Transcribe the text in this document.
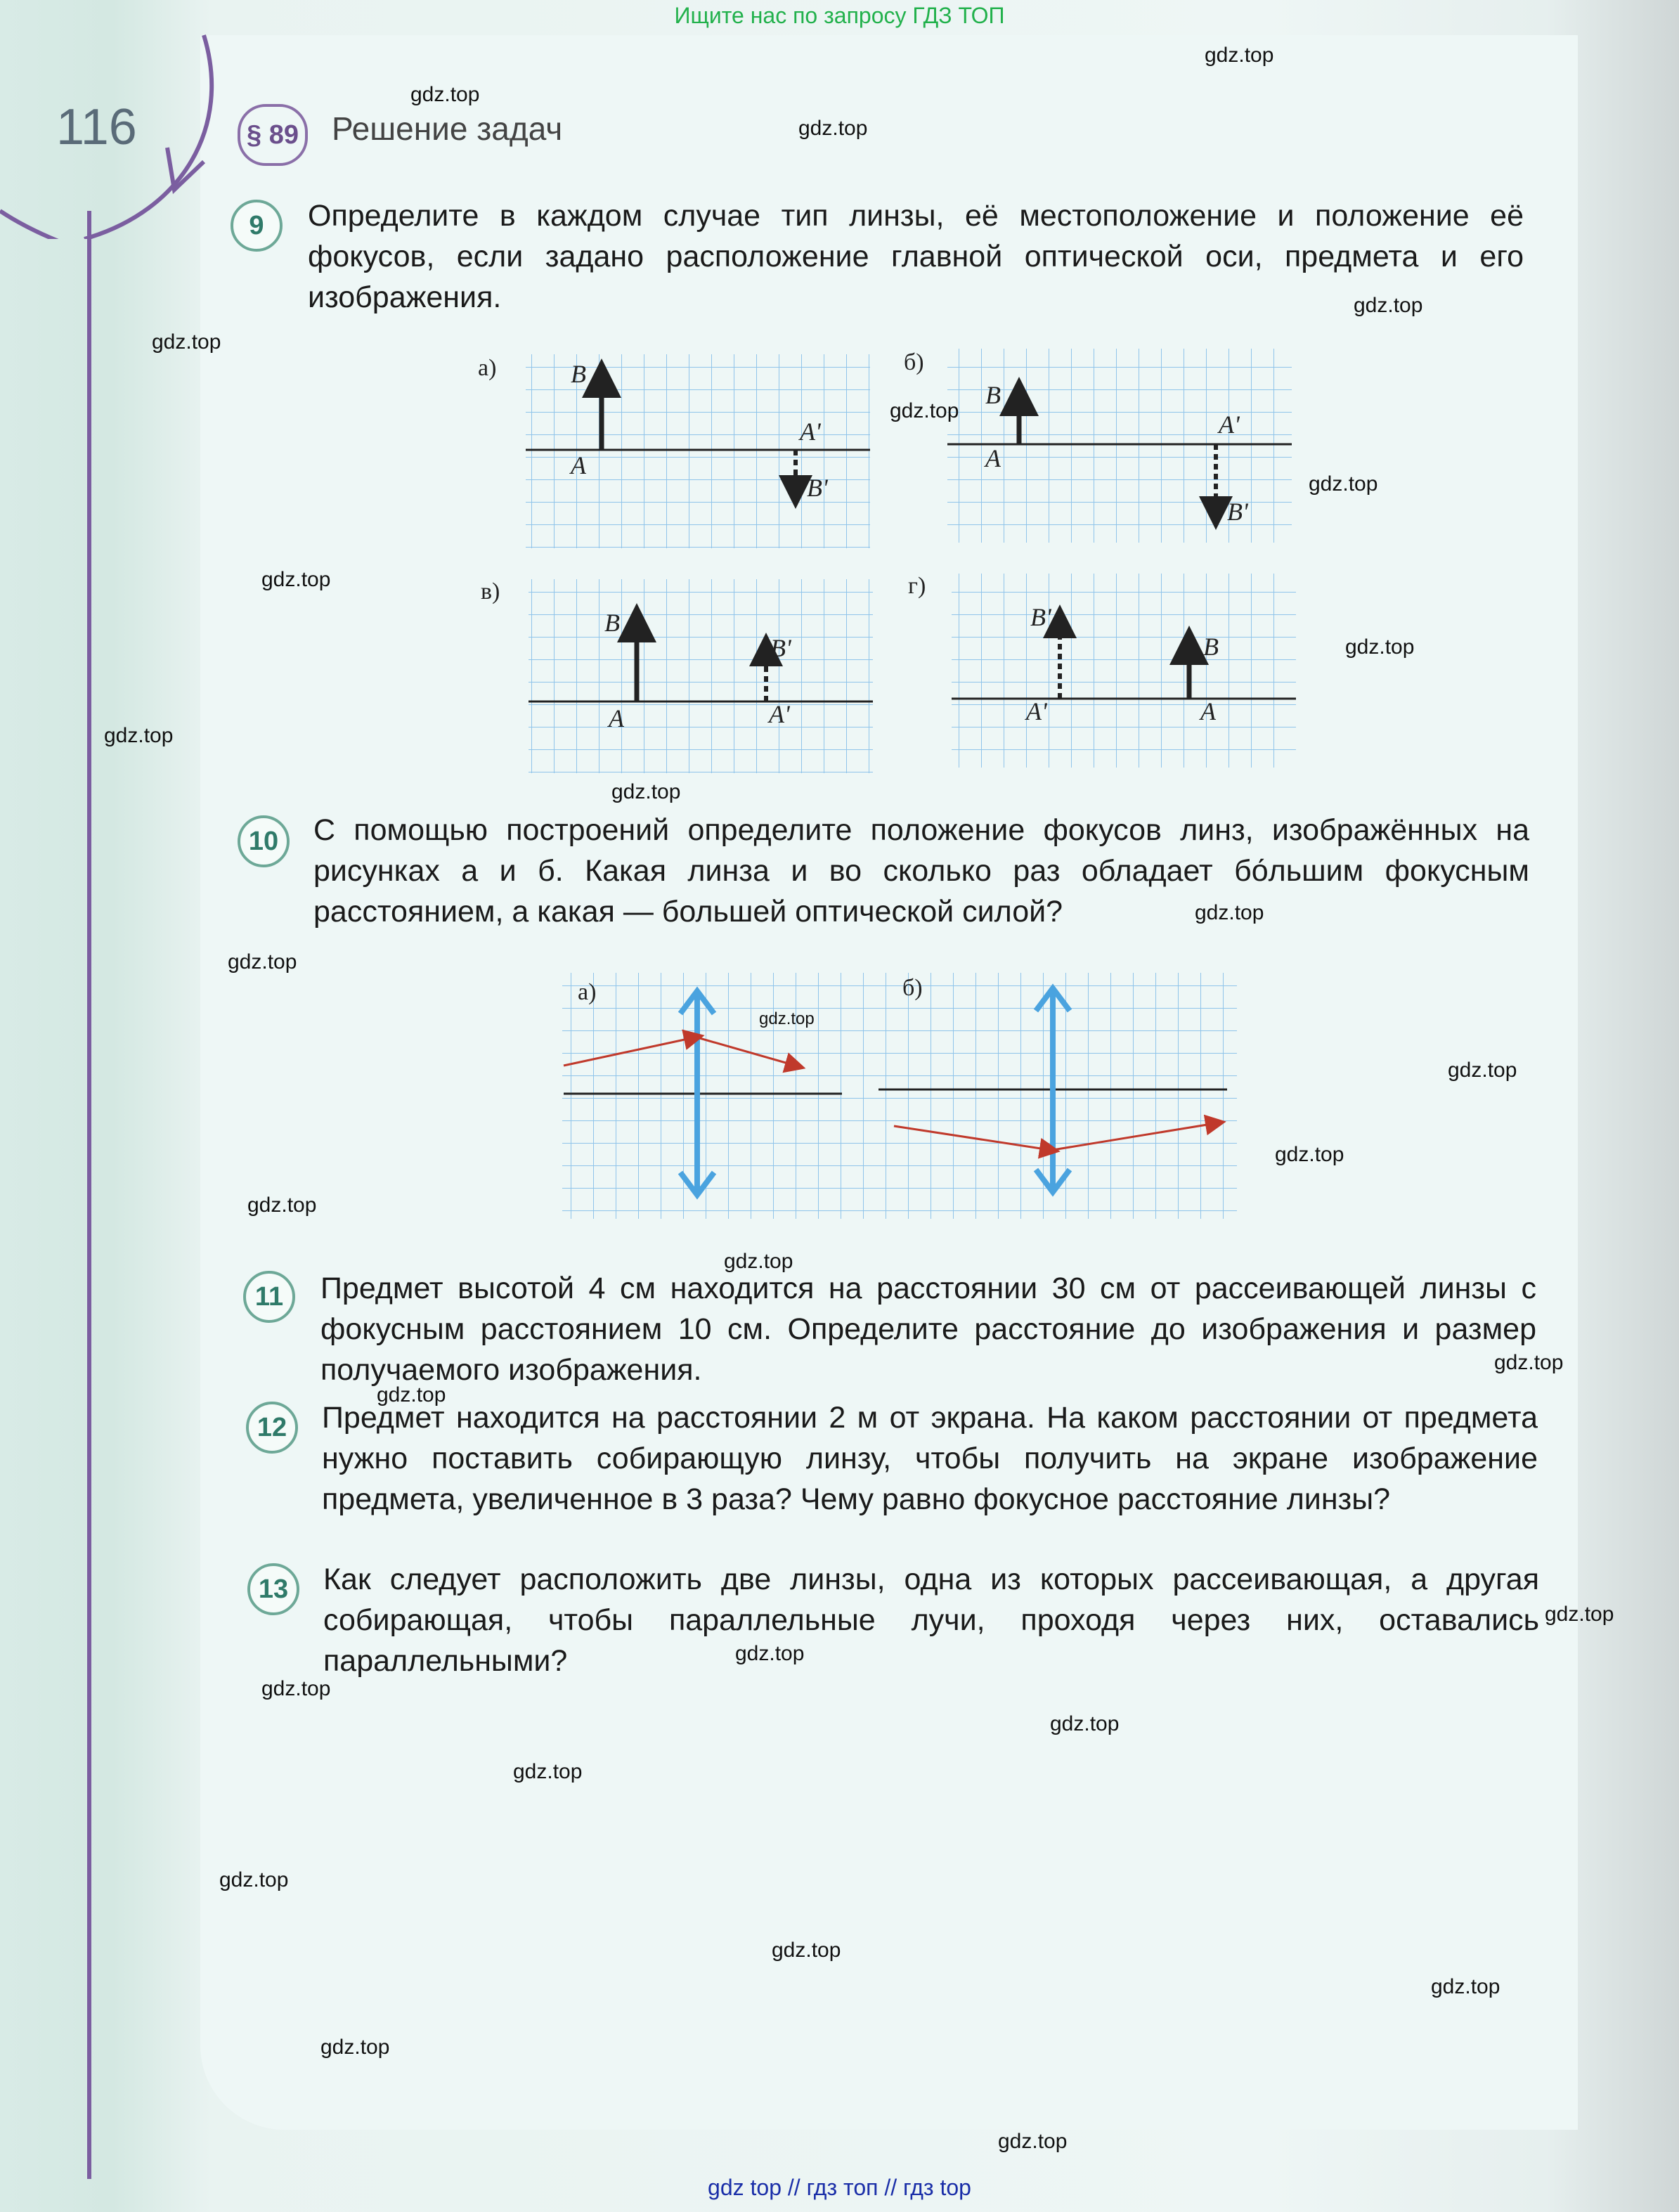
Ищите нас по запросу ГДЗ ТОП
gdz top // гдз топ // гдз top
116	§ 89 Решение задач
9	Определите в каждом случае тип линзы, её местоположение и положение её фокусов, если задано расположение главной оптической оси, предмета и его изображения.
а)	B
A
A'
B'
б)
B
A
A'
B'
в)
B
A
B'
A'
г)
B
A
B'
A'
10	С помощью построений определите положение фокусов линз, изображённых на рисунках а и б. Какая линза и во сколько раз обладает бо́льшим фокусным расстоянием, а какая — большей оптической силой?
а)	б)
11	Предмет высотой 4 см находится на расстоянии 30 см от рассеивающей линзы с фокусным расстоянием 10 см. Определите расстояние до изображения и размер получаемого изображения.
12	Предмет находится на расстоянии 2 м от экрана. На каком расстоянии от предмета нужно поставить собирающую линзу, чтобы получить на экране изображение предмета, увеличенное в 3 раза? Чему равно фокусное расстояние линзы?
13	Как следует расположить две линзы, одна из которых рассеивающая, а другая собирающая, чтобы параллельные лучи, проходя через них, оставались параллельными?
gdz.top
gdz.top
gdz.top
gdz.top
gdz.top
gdz.top
gdz.top
gdz.top
gdz.top
gdz.top
gdz.top
gdz.top
gdz.top
gdz.top
gdz.top
gdz.top
gdz.top
gdz.top
gdz.top
gdz.top
gdz.top
gdz.top
gdz.top
gdz.top
gdz.top
gdz.top
gdz.top
gdz.top
gdz.top
gdz.top
